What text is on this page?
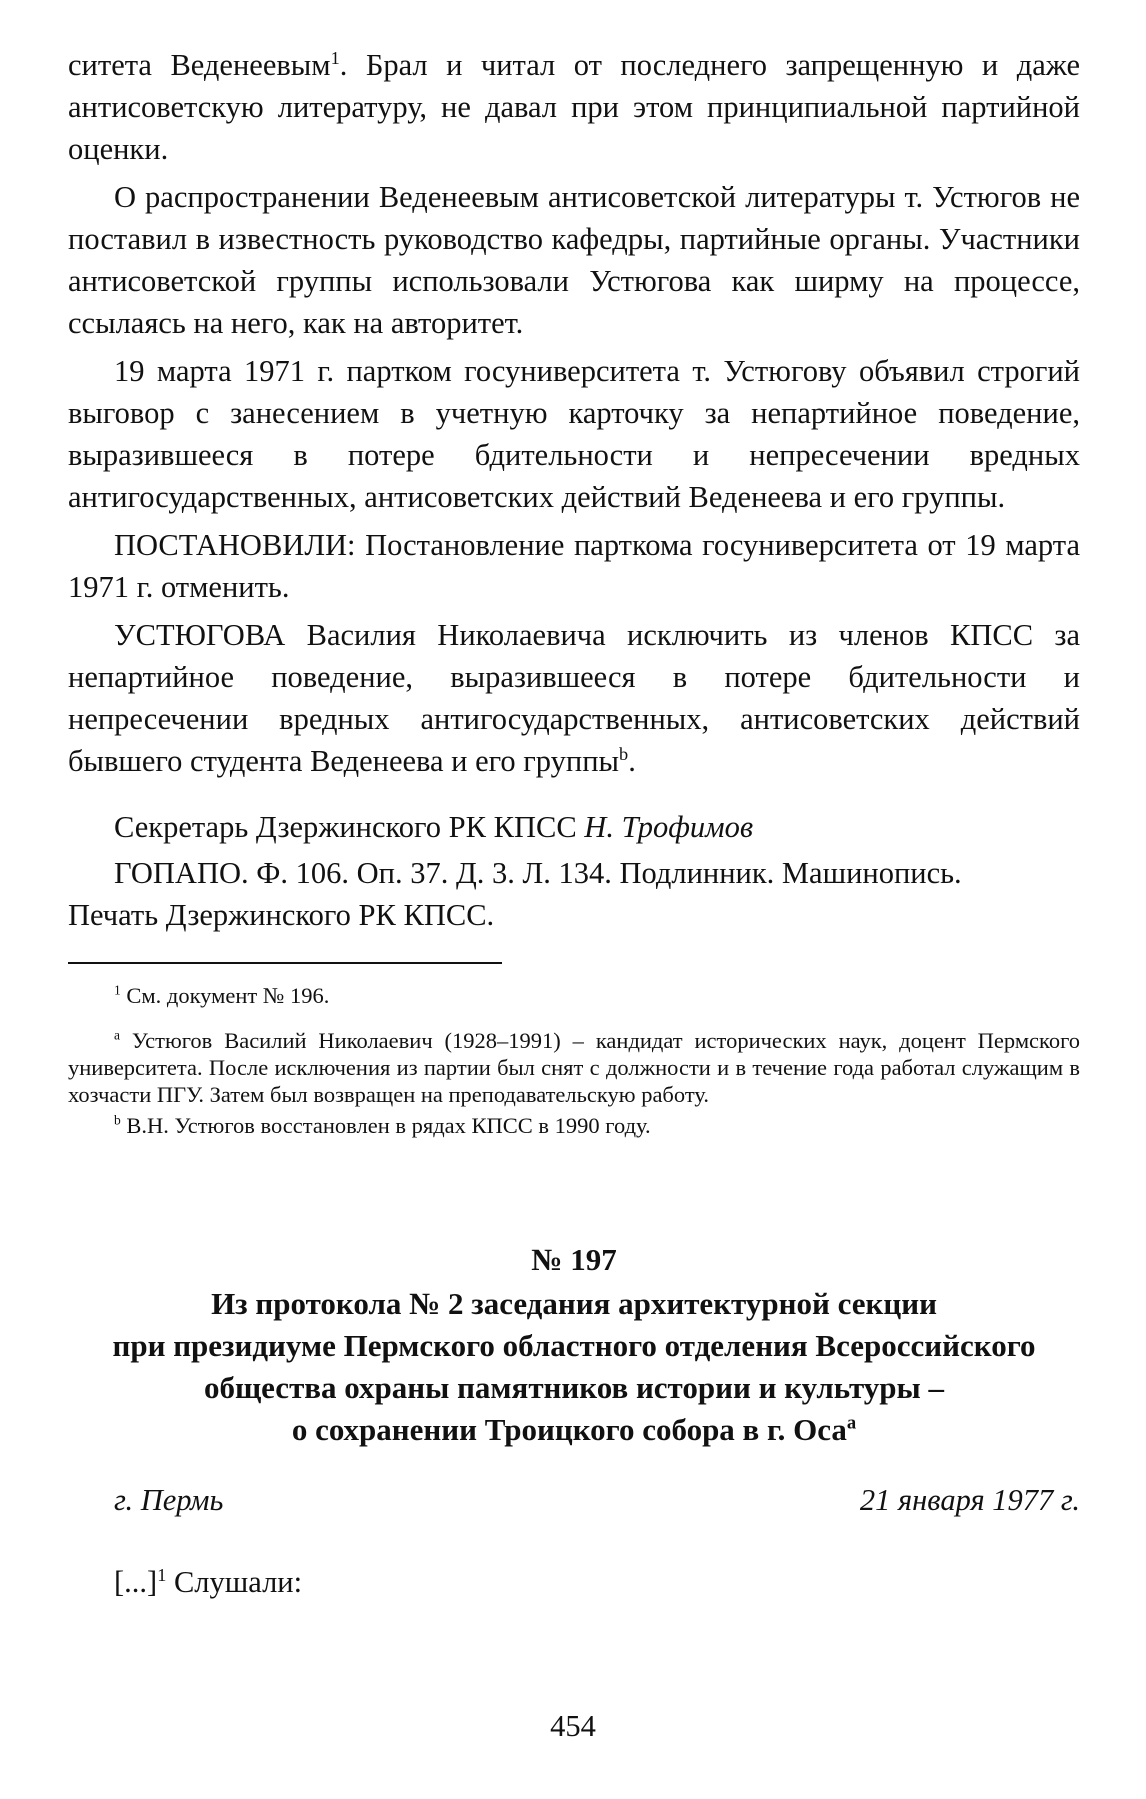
ситета Веденеевым$^1$. Брал и читал от последнего запрещенную и даже антисоветскую литературу, не давал при этом принципиальной партийной оценки.

О распространении Веденеевым антисоветской литературы т. Устюгов не поставил в известность руководство кафедры, партийные органы. Участники антисоветской группы использовали Устюгова как ширму на процессе, ссылаясь на него, как на авторитет.

19 марта 1971 г. партком госуниверситета т. Устюгову объявил строгий выговор с занесением в учетную карточку за непартийное поведение, выразившееся в потере бдительности и непресечении вредных антигосударственных, антисоветских действий Веденеева и его группы.

ПОСТАНОВИЛИ: Постановление парткома госуниверситета от 19 марта 1971 г. отменить.

УСТЮГОВА Василия Николаевича исключить из членов КПСС за непартийное поведение, выразившееся в потере бдительности и непресечении вредных антигосударственных, антисоветских действий бывшего студента Веденеева и его группы$^b$.

Секретарь Дзержинского РК КПСС Н. Трофимов
ГОПАПО. Ф. 106. Оп. 37. Д. 3. Л. 134. Подлинник. Машинопись.
Печать Дзержинского РК КПСС.

$^1$ См. документ № 196.

$^a$ Устюгов Василий Николаевич (1928–1991) – кандидат исторических наук, доцент Пермского университета. После исключения из партии был снят с должности и в течение года работал служащим в хозчасти ПГУ. Затем был возвращен на преподавательскую работу.

$^b$ В.Н. Устюгов восстановлен в рядах КПСС в 1990 году.

№ 197
Из протокола № 2 заседания архитектурной секции
при президиуме Пермского областного отделения Всероссийского
общества охраны памятников истории и культуры –
о сохранении Троицкого собора в г. Оса$^a$
г. Пермь	21 января 1977 г.
[...]$^1$ Слушали:
454
